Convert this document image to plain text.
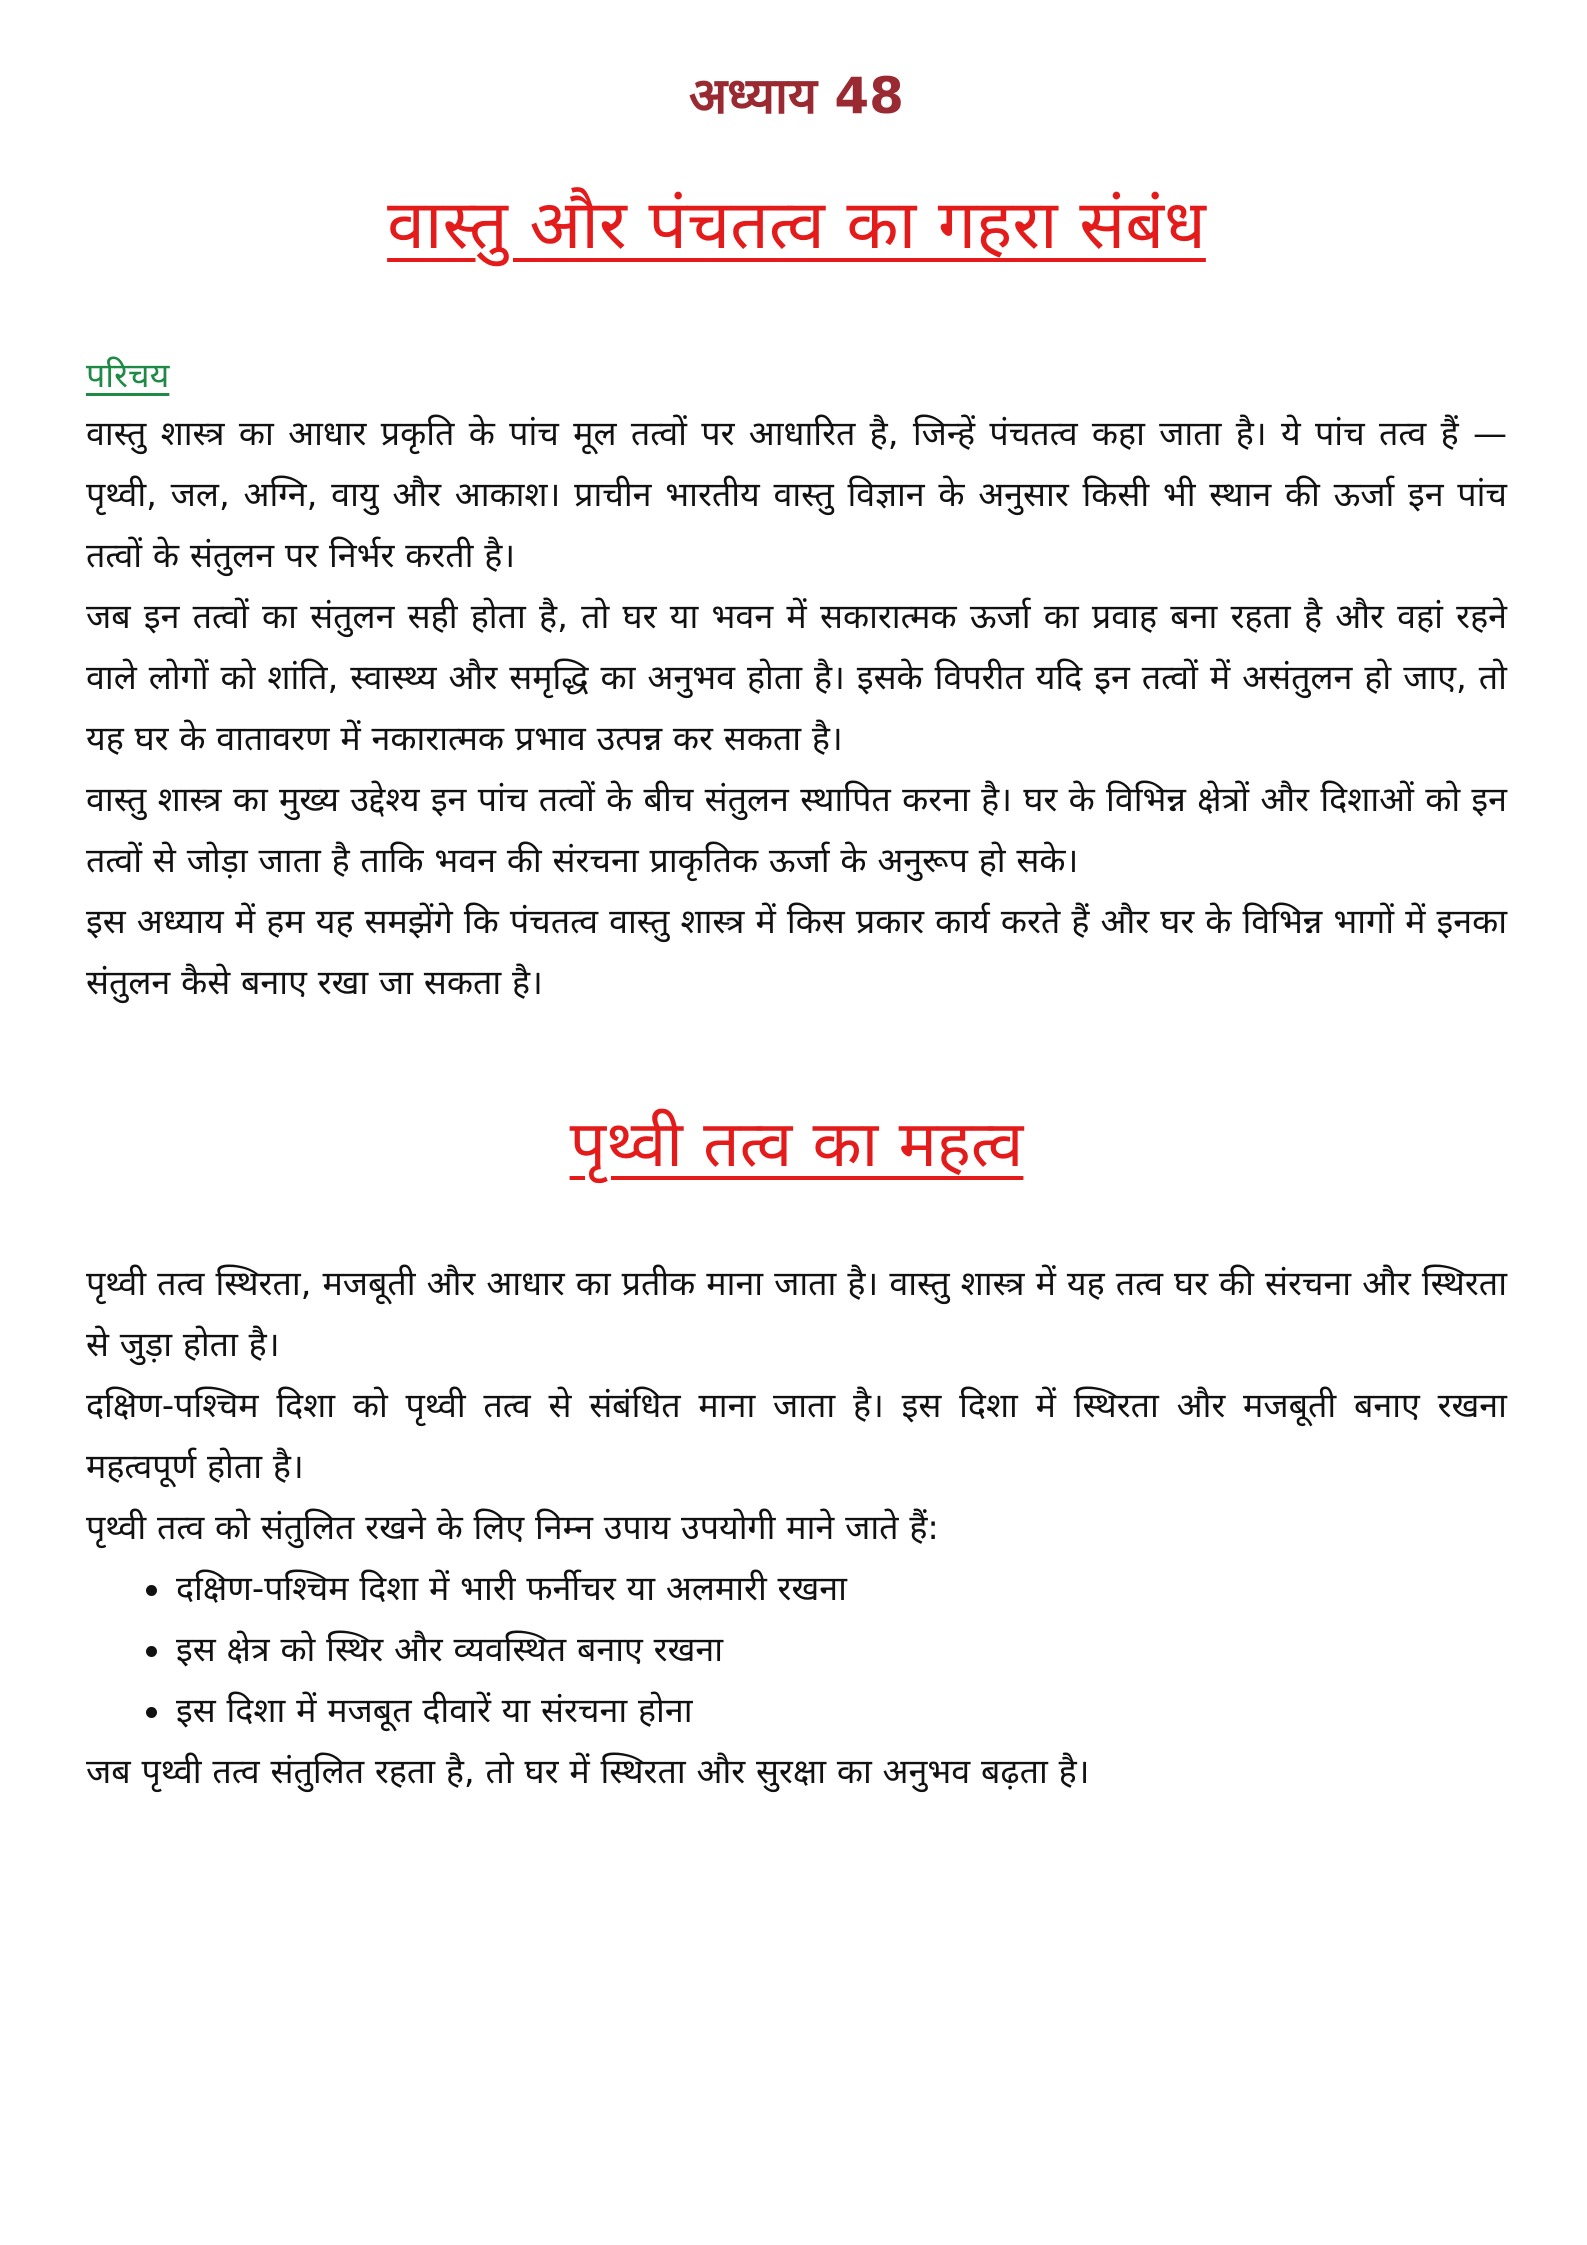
अध्याय 48
वास्तु और पंचतत्व का गहरा संबंध
परिचय

वास्तु शास्त्र का आधार प्रकृति के पांच मूल तत्वों पर आधारित है, जिन्हें पंचतत्व कहा जाता है। ये पांच तत्व हैं — पृथ्वी, जल, अग्नि, वायु और आकाश। प्राचीन भारतीय वास्तु विज्ञान के अनुसार किसी भी स्थान की ऊर्जा इन पांच तत्वों के संतुलन पर निर्भर करती है।

जब इन तत्वों का संतुलन सही होता है, तो घर या भवन में सकारात्मक ऊर्जा का प्रवाह बना रहता है और वहां रहने वाले लोगों को शांति, स्वास्थ्य और समृद्धि का अनुभव होता है। इसके विपरीत यदि इन तत्वों में असंतुलन हो जाए, तो यह घर के वातावरण में नकारात्मक प्रभाव उत्पन्न कर सकता है।

वास्तु शास्त्र का मुख्य उद्देश्य इन पांच तत्वों के बीच संतुलन स्थापित करना है। घर के विभिन्न क्षेत्रों और दिशाओं को इन तत्वों से जोड़ा जाता है ताकि भवन की संरचना प्राकृतिक ऊर्जा के अनुरूप हो सके।

इस अध्याय में हम यह समझेंगे कि पंचतत्व वास्तु शास्त्र में किस प्रकार कार्य करते हैं और घर के विभिन्न भागों में इनका संतुलन कैसे बनाए रखा जा सकता है।

पृथ्वी तत्व का महत्व

पृथ्वी तत्व स्थिरता, मजबूती और आधार का प्रतीक माना जाता है। वास्तु शास्त्र में यह तत्व घर की संरचना और स्थिरता से जुड़ा होता है।

दक्षिण-पश्चिम दिशा को पृथ्वी तत्व से संबंधित माना जाता है। इस दिशा में स्थिरता और मजबूती बनाए रखना महत्वपूर्ण होता है।

पृथ्वी तत्व को संतुलित रखने के लिए निम्न उपाय उपयोगी माने जाते हैं:

दक्षिण-पश्चिम दिशा में भारी फर्नीचर या अलमारी रखना
इस क्षेत्र को स्थिर और व्यवस्थित बनाए रखना
इस दिशा में मजबूत दीवारें या संरचना होना

जब पृथ्वी तत्व संतुलित रहता है, तो घर में स्थिरता और सुरक्षा का अनुभव बढ़ता है।
